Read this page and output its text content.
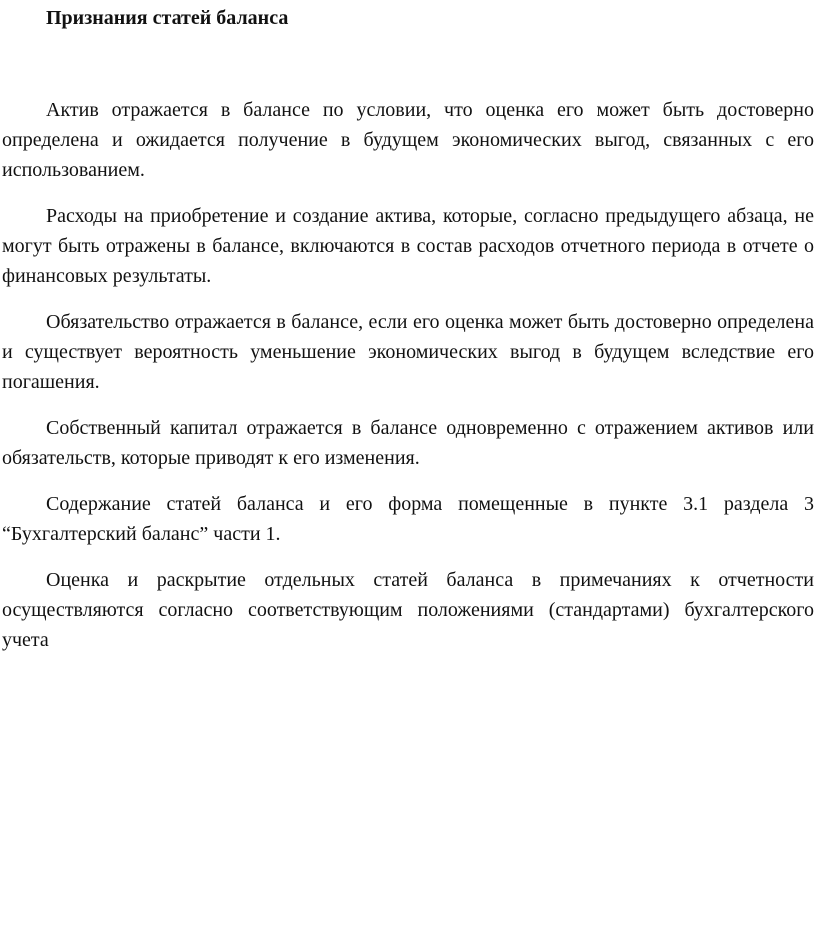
Признания статей баланса

Актив отражается в балансе по условии, что оценка его может быть достоверно определена и ожидается получение в будущем экономических выгод, связанных с его использованием.

Расходы на приобретение и создание актива, которые, согласно предыдущего абзаца, не могут быть отражены в балансе, включаются в состав расходов отчетного периода в отчете о финансовых результаты.

Обязательство отражается в балансе, если его оценка может быть достоверно определена и существует вероятность уменьшение экономических выгод в будущем вследствие его погашения.

Собственный капитал отражается в балансе одновременно с отражением активов или обязательств, которые приводят к его изменения.

Содержание статей баланса и его форма помещенные в пункте 3.1 раздела 3 “Бухгалтерский баланс” части 1.

Оценка и раскрытие отдельных статей баланса в примечаниях к отчетности осуществляются согласно соответствующим положениями (стандартами) бухгалтерского учета
